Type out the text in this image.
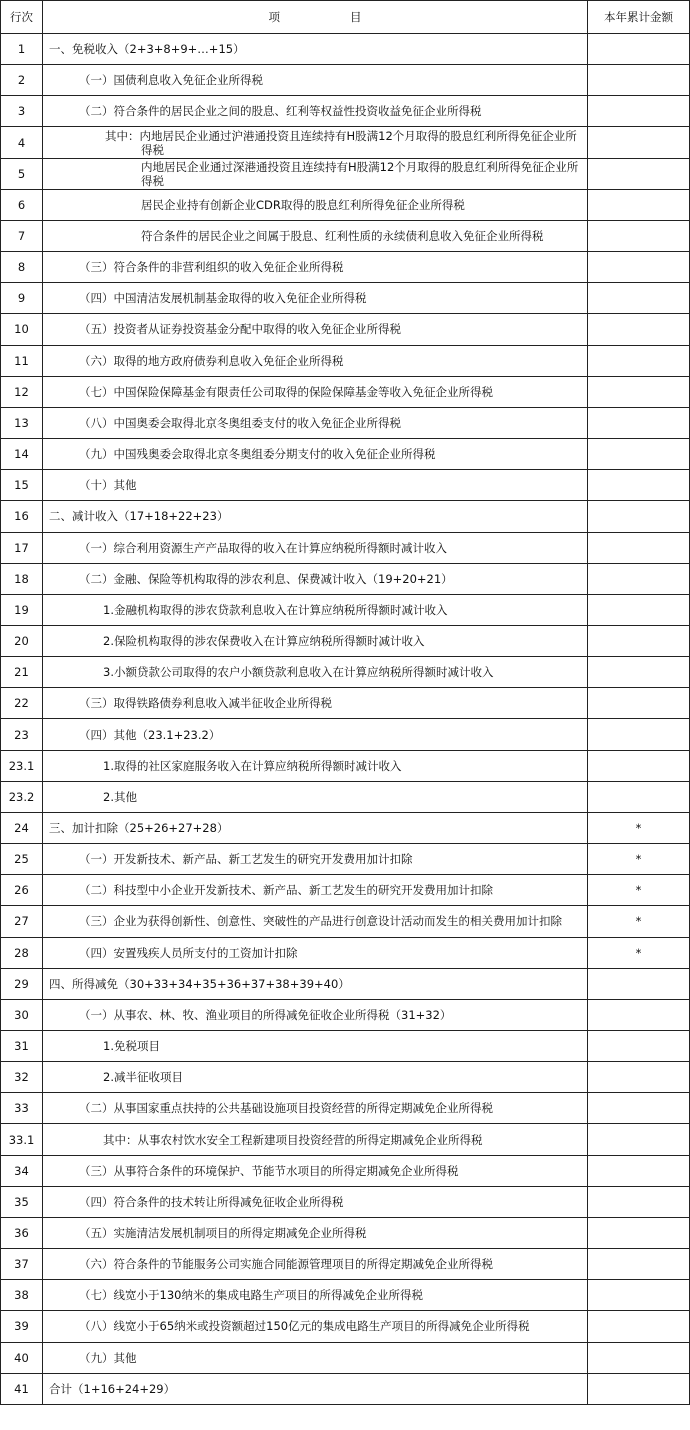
行次	项 目	本年累计金额
1	一、免税收入（2+3+8+9+…+15）	

2	（一）国债利息收入免征企业所得税	

3	（二）符合条件的居民企业之间的股息、红利等权益性投资收益免征企业所得税	

4	其中：内地居民企业通过沪港通投资且连续持有H股满12个月取得的股息红利所得免征企业所得税	

5	内地居民企业通过深港通投资且连续持有H股满12个月取得的股息红利所得免征企业所得税	

6	居民企业持有创新企业CDR取得的股息红利所得免征企业所得税	

7	符合条件的居民企业之间属于股息、红利性质的永续债利息收入免征企业所得税	

8	（三）符合条件的非营利组织的收入免征企业所得税	

9	（四）中国清洁发展机制基金取得的收入免征企业所得税	

10	（五）投资者从证券投资基金分配中取得的收入免征企业所得税	

11	（六）取得的地方政府债券利息收入免征企业所得税	

12	（七）中国保险保障基金有限责任公司取得的保险保障基金等收入免征企业所得税	

13	（八）中国奥委会取得北京冬奥组委支付的收入免征企业所得税	

14	（九）中国残奥委会取得北京冬奥组委分期支付的收入免征企业所得税	

15	（十）其他	

16	二、减计收入（17+18+22+23）	

17	（一）综合利用资源生产产品取得的收入在计算应纳税所得额时减计收入	

18	（二）金融、保险等机构取得的涉农利息、保费减计收入（19+20+21）	

19	1.金融机构取得的涉农贷款利息收入在计算应纳税所得额时减计收入	

20	2.保险机构取得的涉农保费收入在计算应纳税所得额时减计收入	

21	3.小额贷款公司取得的农户小额贷款利息收入在计算应纳税所得额时减计收入	

22	（三）取得铁路债券利息收入减半征收企业所得税	

23	（四）其他（23.1+23.2）	

23.1	1.取得的社区家庭服务收入在计算应纳税所得额时减计收入	

23.2	2.其他	

24	三、加计扣除（25+26+27+28）	*
25	（一）开发新技术、新产品、新工艺发生的研究开发费用加计扣除	*
26	（二）科技型中小企业开发新技术、新产品、新工艺发生的研究开发费用加计扣除	*
27	（三）企业为获得创新性、创意性、突破性的产品进行创意设计活动而发生的相关费用加计扣除	*
28	（四）安置残疾人员所支付的工资加计扣除	*
29	四、所得减免（30+33+34+35+36+37+38+39+40）	

30	（一）从事农、林、牧、渔业项目的所得减免征收企业所得税（31+32）	

31	1.免税项目	

32	2.减半征收项目	

33	（二）从事国家重点扶持的公共基础设施项目投资经营的所得定期减免企业所得税	

33.1	其中：从事农村饮水安全工程新建项目投资经营的所得定期减免企业所得税	

34	（三）从事符合条件的环境保护、节能节水项目的所得定期减免企业所得税	

35	（四）符合条件的技术转让所得减免征收企业所得税	

36	（五）实施清洁发展机制项目的所得定期减免企业所得税	

37	（六）符合条件的节能服务公司实施合同能源管理项目的所得定期减免企业所得税	

38	（七）线宽小于130纳米的集成电路生产项目的所得减免企业所得税	

39	（八）线宽小于65纳米或投资额超过150亿元的集成电路生产项目的所得减免企业所得税	

40	（九）其他	

41	合计（1+16+24+29）	
